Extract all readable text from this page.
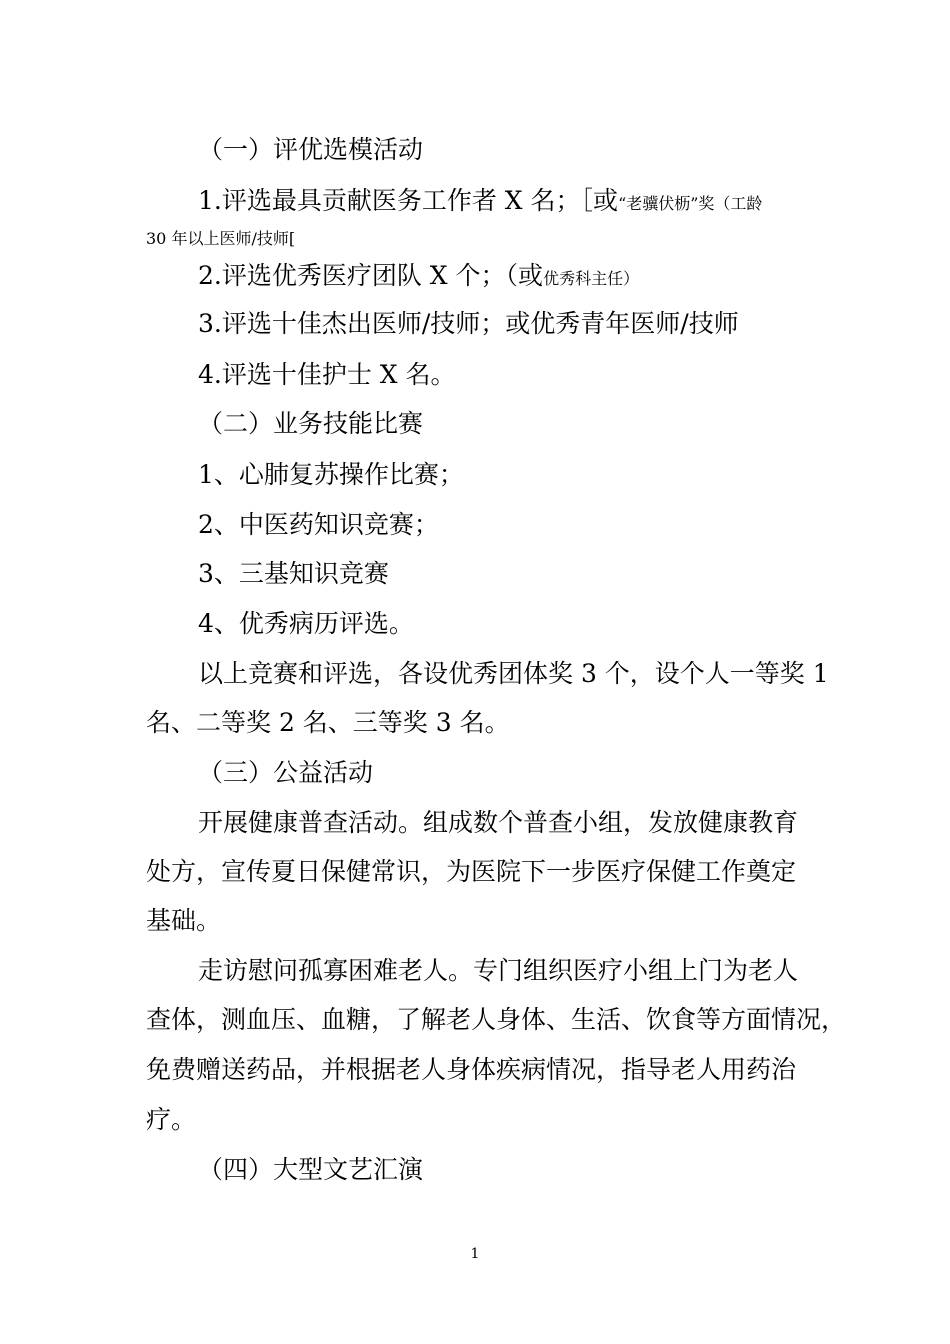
（一）评优选模活动
1.评选最具贡献医务工作者 X 名；［或“老骥伏枥”奖（工龄
30 年以上医师/技师[
2.评选优秀医疗团队 X 个；（或优秀科主任）
3.评选十佳杰出医师/技师；或优秀青年医师/技师
4.评选十佳护士 X 名。
（二）业务技能比赛
1、心肺复苏操作比赛；
2、中医药知识竞赛；
3、三基知识竞赛
4、优秀病历评选。
以上竞赛和评选，各设优秀团体奖 3 个，设个人一等奖 1
名、二等奖 2 名、三等奖 3 名。
（三）公益活动
开展健康普查活动。组成数个普查小组，发放健康教育
处方，宣传夏日保健常识，为医院下一步医疗保健工作奠定
基础。
走访慰问孤寡困难老人。专门组织医疗小组上门为老人
查体，测血压、血糖，了解老人身体、生活、饮食等方面情况，
免费赠送药品，并根据老人身体疾病情况，指导老人用药治
疗。
（四）大型文艺汇演
1
